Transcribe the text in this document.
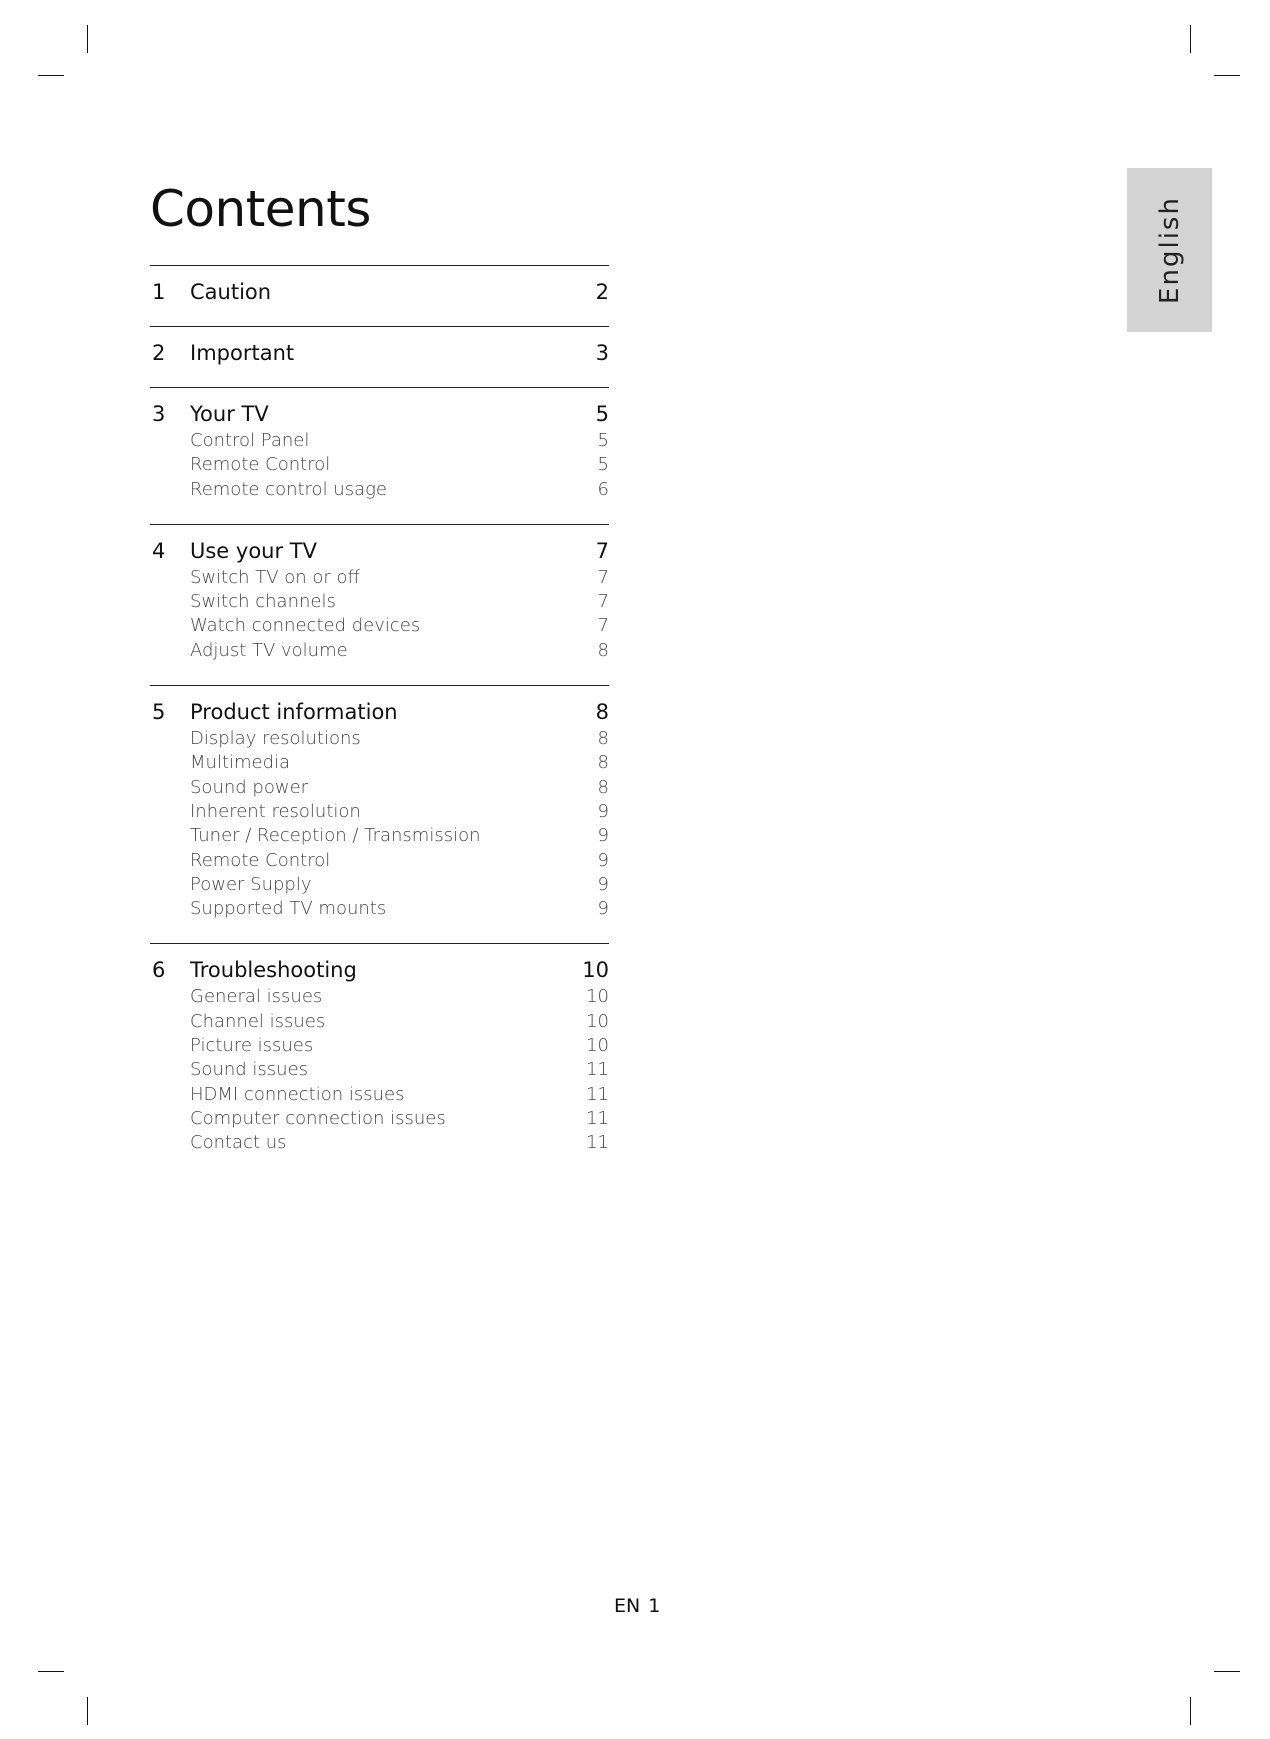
Contents	English
1 Caution	2
2 Important	3
3 Your TV	5
Control Panel	5
Remote Control	5
Remote control usage	6
4 Use your TV	7
Switch TV on or off	7
Switch channels	7
Watch connected devices	7
Adjust TV volume	8
5 Product information	8
Display resolutions	8
Multimedia	8
Sound power	8
Inherent resolution	9
Tuner / Reception / Transmission	9
Remote Control	9
Power Supply	9
Supported TV mounts	9
6 Troubleshooting	10
General issues	10
Channel issues	10
Picture issues	10
Sound issues	11
HDMI connection issues	11
Computer connection issues	11
Contact us	11
EN 1
